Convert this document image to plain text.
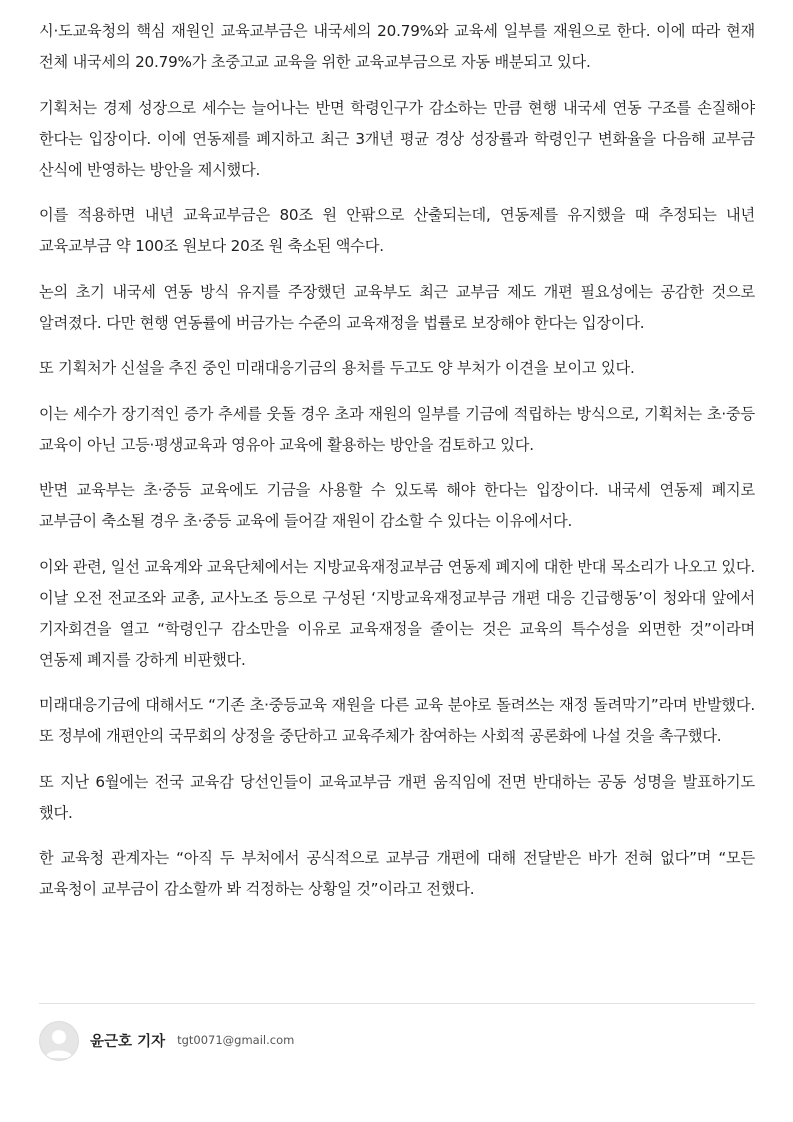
시·도교육청의 핵심 재원인 교육교부금은 내국세의 20.79%와 교육세 일부를 재원으로 한다. 이에 따라 현재 전체 내국세의 20.79%가 초중고교 교육을 위한 교육교부금으로 자동 배분되고 있다.

기획처는 경제 성장으로 세수는 늘어나는 반면 학령인구가 감소하는 만큼 현행 내국세 연동 구조를 손질해야 한다는 입장이다. 이에 연동제를 폐지하고 최근 3개년 평균 경상 성장률과 학령인구 변화율을 다음해 교부금 산식에 반영하는 방안을 제시했다.

이를 적용하면 내년 교육교부금은 80조 원 안팎으로 산출되는데, 연동제를 유지했을 때 추정되는 내년 교육교부금 약 100조 원보다 20조 원 축소된 액수다.

논의 초기 내국세 연동 방식 유지를 주장했던 교육부도 최근 교부금 제도 개편 필요성에는 공감한 것으로 알려졌다. 다만 현행 연동률에 버금가는 수준의 교육재정을 법률로 보장해야 한다는 입장이다.

또 기획처가 신설을 추진 중인 미래대응기금의 용처를 두고도 양 부처가 이견을 보이고 있다.

이는 세수가 장기적인 증가 추세를 웃돌 경우 초과 재원의 일부를 기금에 적립하는 방식으로, 기획처는 초·중등 교육이 아닌 고등·평생교육과 영유아 교육에 활용하는 방안을 검토하고 있다.

반면 교육부는 초·중등 교육에도 기금을 사용할 수 있도록 해야 한다는 입장이다. 내국세 연동제 폐지로 교부금이 축소될 경우 초·중등 교육에 들어갈 재원이 감소할 수 있다는 이유에서다.

이와 관련, 일선 교육계와 교육단체에서는 지방교육재정교부금 연동제 폐지에 대한 반대 목소리가 나오고 있다. 이날 오전 전교조와 교총, 교사노조 등으로 구성된 ‘지방교육재정교부금 개편 대응 긴급행동’이 청와대 앞에서 기자회견을 열고 “학령인구 감소만을 이유로 교육재정을 줄이는 것은 교육의 특수성을 외면한 것”이라며 연동제 폐지를 강하게 비판했다.

미래대응기금에 대해서도 “기존 초·중등교육 재원을 다른 교육 분야로 돌려쓰는 재정 돌려막기”라며 반발했다. 또 정부에 개편안의 국무회의 상정을 중단하고 교육주체가 참여하는 사회적 공론화에 나설 것을 촉구했다.

또 지난 6월에는 전국 교육감 당선인들이 교육교부금 개편 움직임에 전면 반대하는 공동 성명을 발표하기도 했다.

한 교육청 관계자는 “아직 두 부처에서 공식적으로 교부금 개편에 대해 전달받은 바가 전혀 없다”며 “모든 교육청이 교부금이 감소할까 봐 걱정하는 상황일 것”이라고 전했다.

윤근호 기자 tgt0071@gmail.com
